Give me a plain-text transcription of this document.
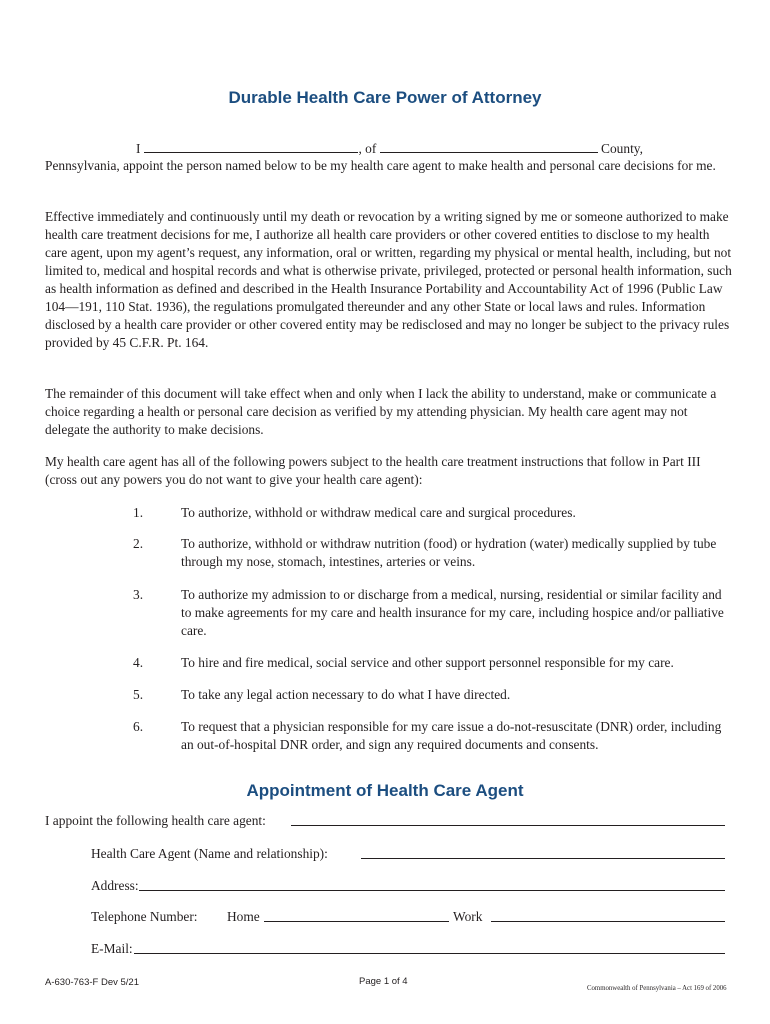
Durable Health Care Power of Attorney
I	, of	County,

Pennsylvania, appoint the person named below to be my health care agent to make health and personal care decisions for me.

Effective immediately and continuously until my death or revocation by a writing signed by me or someone authorized to make health care treatment decisions for me, I authorize all health care providers or other covered entities to disclose to my health care agent, upon my agent’s request, any information, oral or written, regarding my physical or mental health, including, but not limited to, medical and hospital records and what is otherwise private, privileged, protected or personal health information, such as health information as defined and described in the Health Insurance Portability and Accountability Act of 1996 (Public Law 104—191, 110 Stat. 1936), the regulations promulgated thereunder and any other State or local laws and rules. Information disclosed by a health care provider or other covered entity may be redisclosed and may no longer be subject to the privacy rules provided by 45 C.F.R. Pt. 164.

The remainder of this document will take effect when and only when I lack the ability to understand, make or communicate a choice regarding a health or personal care decision as verified by my attending physician. My health care agent may not delegate the authority to make decisions.

My health care agent has all of the following powers subject to the health care treatment instructions that follow in Part III (cross out any powers you do not want to give your health care agent):

1.	To authorize, withhold or withdraw medical care and surgical procedures.
2.	To authorize, withhold or withdraw nutrition (food) or hydration (water) medically supplied by tube through my nose, stomach, intestines, arteries or veins.
3.	To authorize my admission to or discharge from a medical, nursing, residential or similar facility and to make agreements for my care and health insurance for my care, including hospice and/or palliative care.
4.	To hire and fire medical, social service and other support personnel responsible for my care.
5.	To take any legal action necessary to do what I have directed.
6.	To request that a physician responsible for my care issue a do-not-resuscitate (DNR) order, including an out-of-hospital DNR order, and sign any required documents and consents.
Appointment of Health Care Agent
I appoint the following health care agent:
Health Care Agent (Name and relationship):
Address:
Telephone Number: Home	Work
E-Mail:
A-630-763-F Dev 5/21	Page 1 of 4
Commonwealth of Pennsylvania – Act 169 of 2006
